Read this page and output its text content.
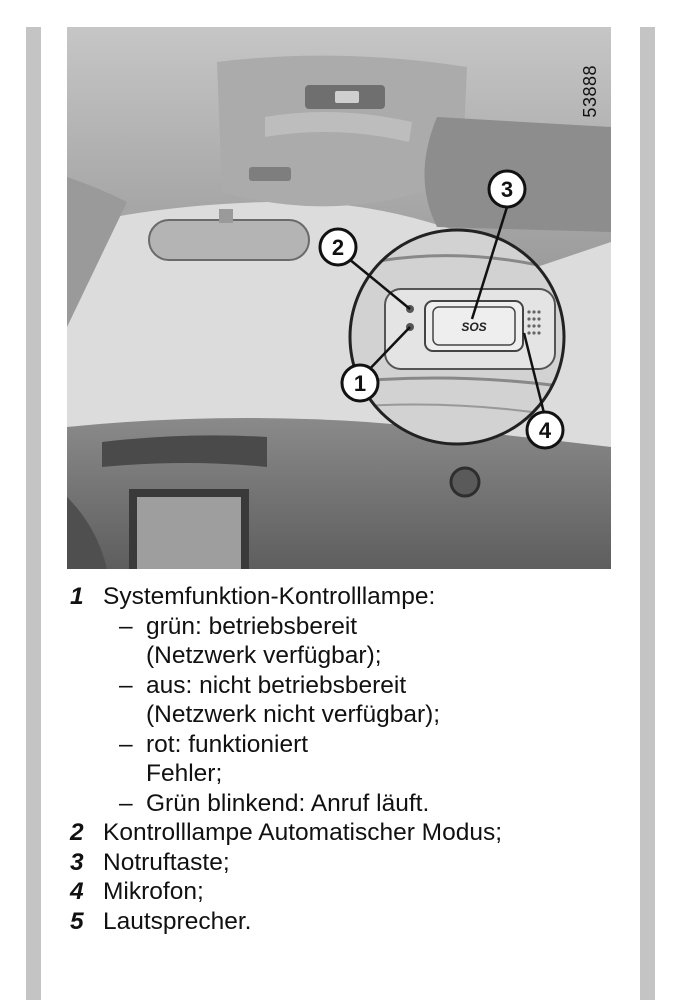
SOS
3
2
1
4
53888
1 Systemfunktion-Kontrolllampe:
– grün: betriebsbereit
(Netzwerk verfügbar);
– aus: nicht betriebsbereit
(Netzwerk nicht verfügbar);
– rot: funktioniert
Fehler;
– Grün blinkend: Anruf läuft.
2 Kontrolllampe Automatischer Modus;
3 Notruftaste;
4 Mikrofon;
5 Lautsprecher.
